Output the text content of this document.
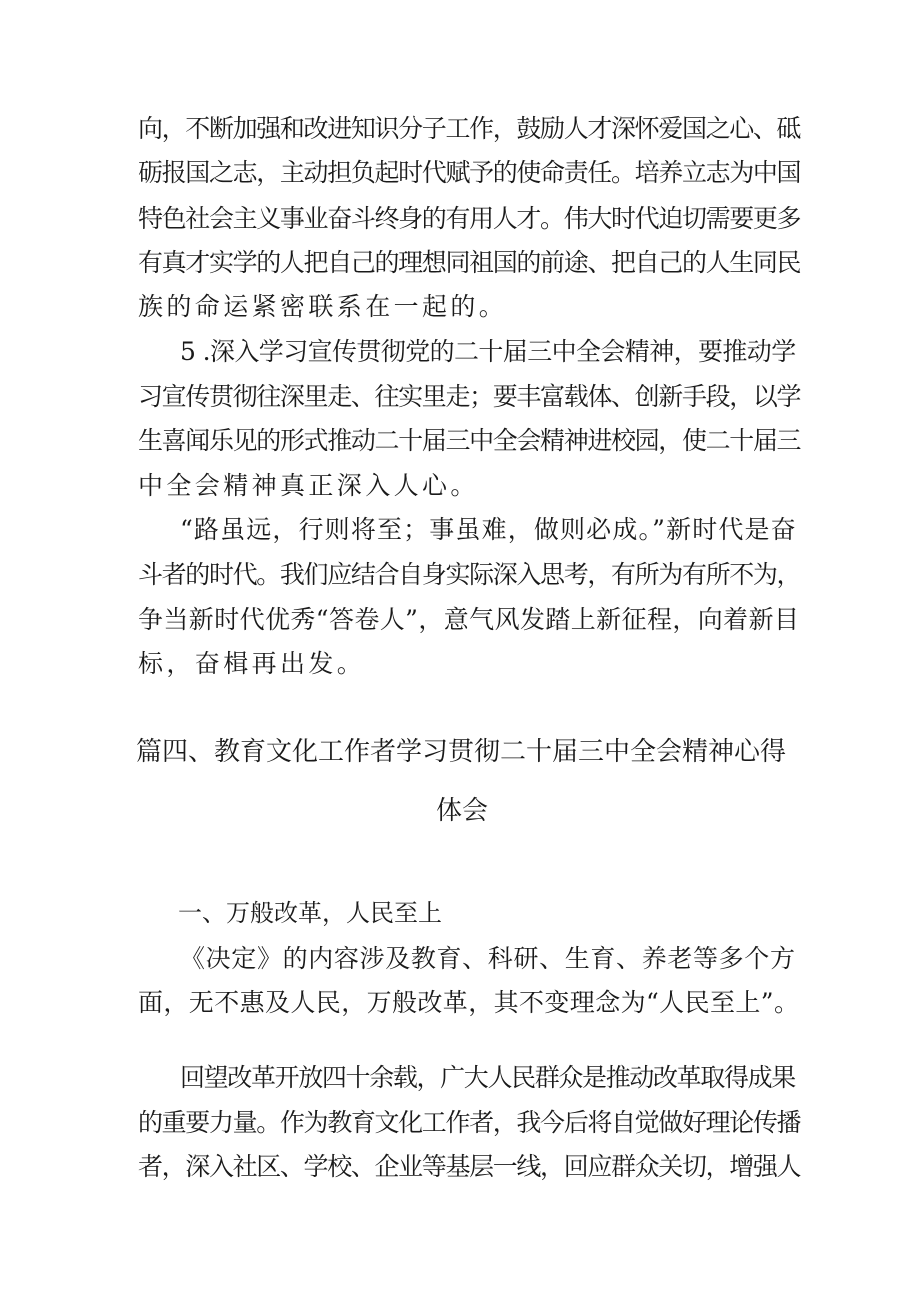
向，不断加强和改进知识分子工作，鼓励人才深怀爱国之心、砥
砺报国之志，主动担负起时代赋予的使命责任。培养立志为中国
特色社会主义事业奋斗终身的有用人才。伟大时代迫切需要更多
有真才实学的人把自己的理想同祖国的前途、把自己的人生同民
族的命运紧密联系在一起的。
5 .深入学习宣传贯彻党的二十届三中全会精神，要推动学
习宣传贯彻往深里走、往实里走；要丰富载体、创新手段，以学
生喜闻乐见的形式推动二十届三中全会精神进校园，使二十届三
中全会精神真正深入人心。
“路虽远，行则将至；事虽难，做则必成。”新时代是奋
斗者的时代。我们应结合自身实际深入思考，有所为有所不为，
争当新时代优秀“答卷人”，意气风发踏上新征程，向着新目
标，奋楫再出发。
篇四、教育文化工作者学习贯彻二十届三中全会精神心得
体会
一、万般改革，人民至上
《决定》的内容涉及教育、科研、生育、养老等多个方
面，无不惠及人民，万般改革，其不变理念为“人民至上”。
回望改革开放四十余载，广大人民群众是推动改革取得成果
的重要力量。作为教育文化工作者，我今后将自觉做好理论传播
者，深入社区、学校、企业等基层一线，回应群众关切，增强人
